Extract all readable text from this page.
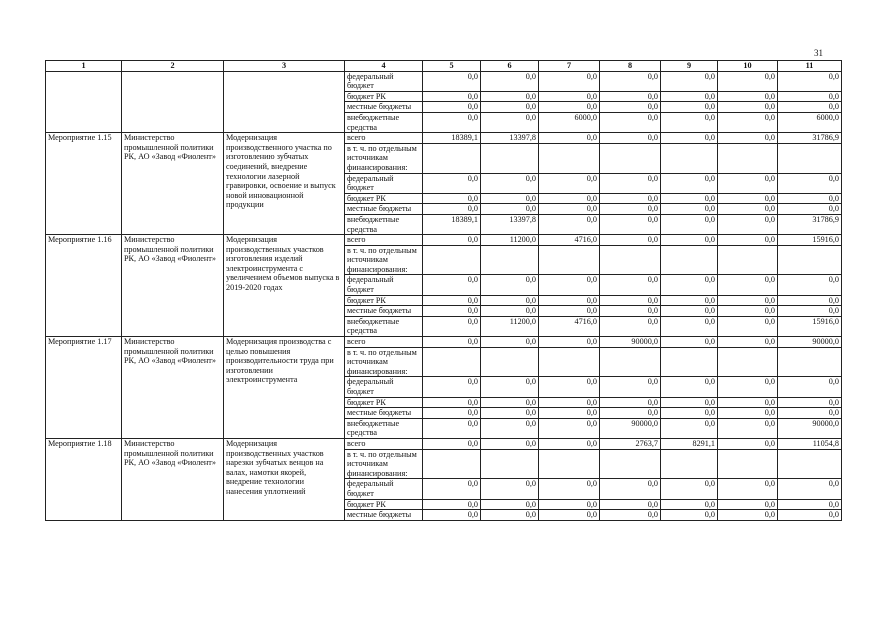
31
1	2	3	4	5	6	7	8	9	10	11
			федеральный бюджет	0,0	0,0	0,0	0,0	0,0	0,0	0,0
			бюджет РК	0,0	0,0	0,0	0,0	0,0	0,0	0,0
			местные бюджеты	0,0	0,0	0,0	0,0	0,0	0,0	0,0
			внебюджетные средства	0,0	0,0	6000,0	0,0	0,0	0,0	6000,0
Мероприятие 1.15	Министерство промышленной политики РК, АО «Завод «Фиолент»	Модернизация производственного участка по изготовлению зубчатых соединений, внедрение технологии лазерной гравировки, освоение и выпуск новой инновационной продукции	всего	18389,1	13397,8	0,0	0,0	0,0	0,0	31786,9
			в т. ч. по отдельным источникам финансирования:							
			федеральный бюджет	0,0	0,0	0,0	0,0	0,0	0,0	0,0
			бюджет РК	0,0	0,0	0,0	0,0	0,0	0,0	0,0
			местные бюджеты	0,0	0,0	0,0	0,0	0,0	0,0	0,0
			внебюджетные средства	18389,1	13397,8	0,0	0,0	0,0	0,0	31786,9
Мероприятие 1.16	Министерство промышленной политики РК, АО «Завод «Фиолент»	Модернизация производственных участков изготовления изделий электроинструмента с увеличением объемов выпуска в 2019-2020 годах	всего	0,0	11200,0	4716,0	0,0	0,0	0,0	15916,0
			в т. ч. по отдельным источникам финансирования:							
			федеральный бюджет	0,0	0,0	0,0	0,0	0,0	0,0	0,0
			бюджет РК	0,0	0,0	0,0	0,0	0,0	0,0	0,0
			местные бюджеты	0,0	0,0	0,0	0,0	0,0	0,0	0,0
			внебюджетные средства	0,0	11200,0	4716,0	0,0	0,0	0,0	15916,0
Мероприятие 1.17	Министерство промышленной политики РК, АО «Завод «Фиолент»	Модернизация производства с целью повышения производительности труда при изготовлении электроинструмента	всего	0,0	0,0	0,0	90000,0	0,0	0,0	90000,0
			в т. ч. по отдельным источникам финансирования:							
			федеральный бюджет	0,0	0,0	0,0	0,0	0,0	0,0	0,0
			бюджет РК	0,0	0,0	0,0	0,0	0,0	0,0	0,0
			местные бюджеты	0,0	0,0	0,0	0,0	0,0	0,0	0,0
			внебюджетные средства	0,0	0,0	0,0	90000,0	0,0	0,0	90000,0
Мероприятие 1.18	Министерство промышленной политики РК, АО «Завод «Фиолент»	Модернизация производственных участков нарезки зубчатых венцов на валах, намотки якорей, внедрение технологии нанесения уплотнений	всего	0,0	0,0	0,0	2763,7	8291,1	0,0	11054,8
			в т. ч. по отдельным источникам финансирования:							
			федеральный бюджет	0,0	0,0	0,0	0,0	0,0	0,0	0,0
			бюджет РК	0,0	0,0	0,0	0,0	0,0	0,0	0,0
			местные бюджеты	0,0	0,0	0,0	0,0	0,0	0,0	0,0
